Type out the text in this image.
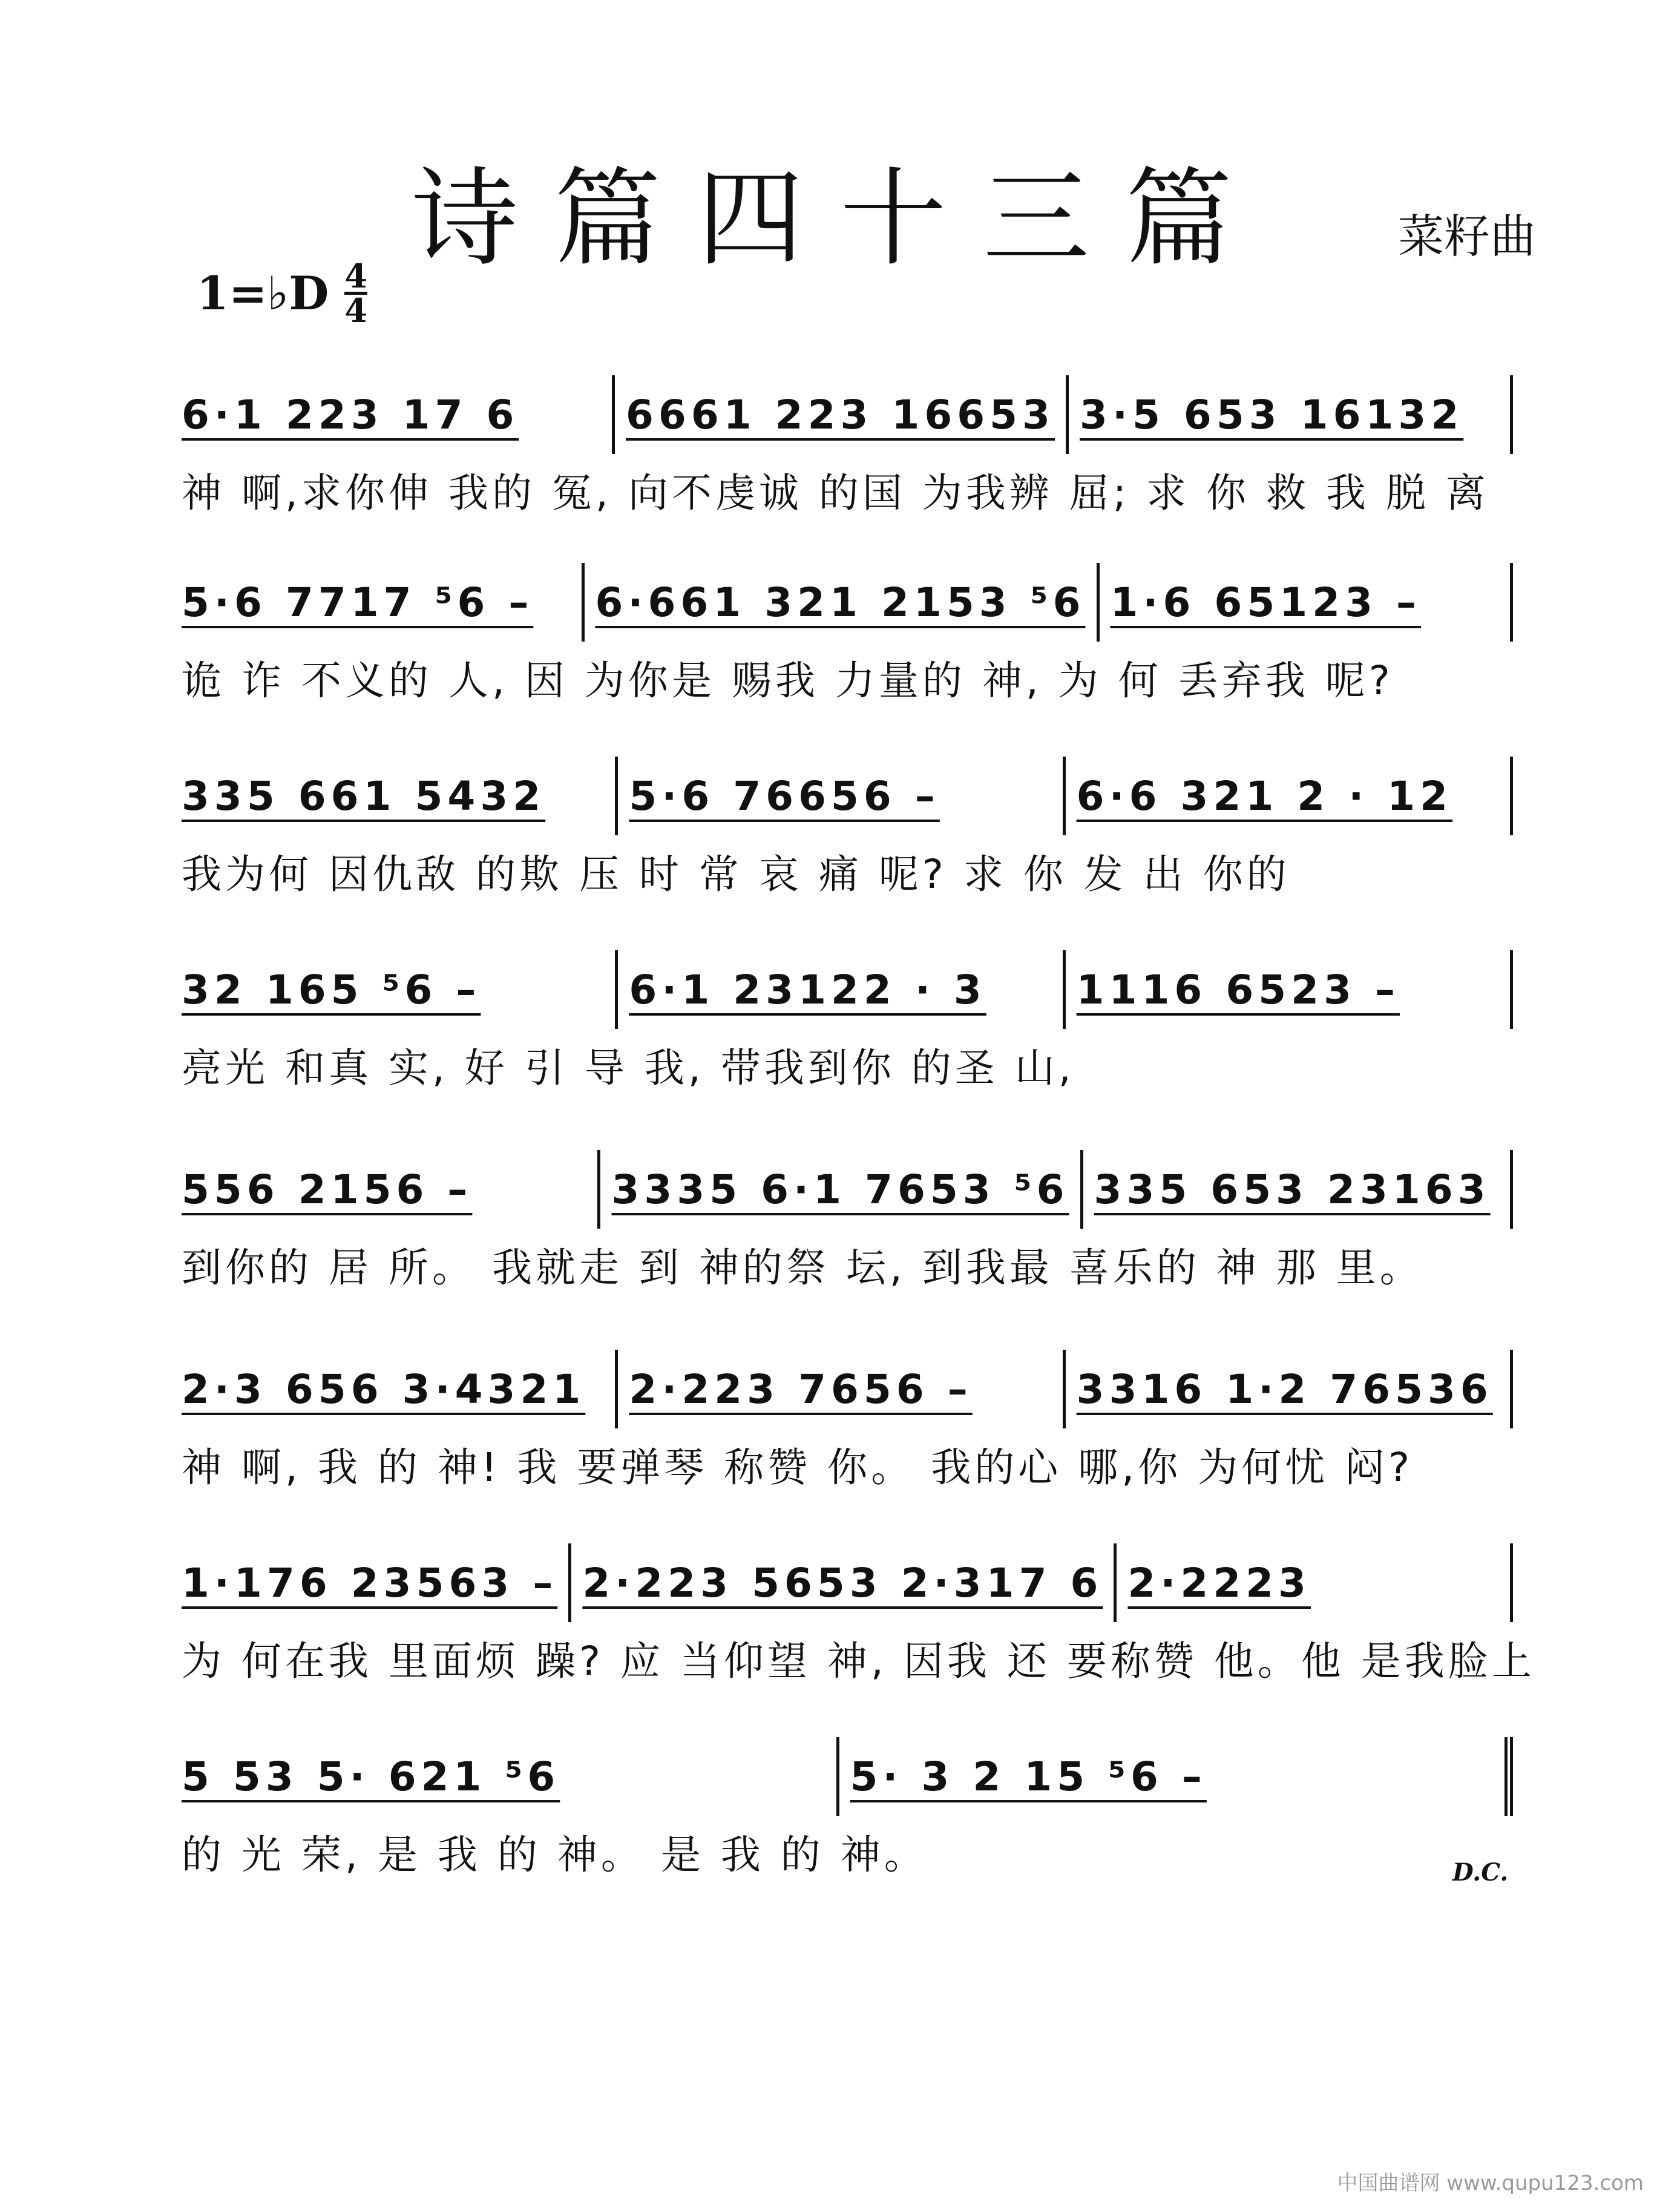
诗篇四十三篇	菜籽曲
1=♭D 4
4
6·1 223 17 6	6661 223 16653 3·5 653 16132
神 啊,求你伸 我的 冤, 向不虔诚 的国 为我辨 屈; 求 你 救 我 脱 离
5·6 7717 ⁵6 – 6·661 321 2153 ⁵6 1·6 65123 –
诡 诈 不义的 人, 因 为你是 赐我 力量的 神, 为 何 丢弃我 呢?
335 661 5432 5·6 76656 –	6·6 321 2 · 12
我为何 因仇敌 的欺 压 时 常 哀 痛 呢? 求 你 发 出 你的
32 165 ⁵6 –	6·1 23122 · 3 1116 6523 –
亮光 和真 实, 好 引 导 我, 带我到你 的圣 山,
556 2156 –	3335 6·1 7653 ⁵6 335 653 23163
到你的 居 所。 我就走 到 神的祭 坛, 到我最 喜乐的 神 那 里。
2·3 656 3·4321 2·223 7656 –	3316 1·2 76536
神 啊, 我 的 神! 我 要弹琴 称赞 你。 我的心 哪,你 为何忧 闷?
1·176 23563 – 2·223 5653 2·317 6 2·2223
为 何在我 里面烦 躁? 应 当仰望 神, 因我 还 要称赞 他。他 是我脸上
5 53 5· 621 ⁵6	5· 3 2 15 ⁵6 –
的 光 荣, 是 我 的 神。 是 我 的 神。	D.C.
中国曲谱网 www.qupu123.com
